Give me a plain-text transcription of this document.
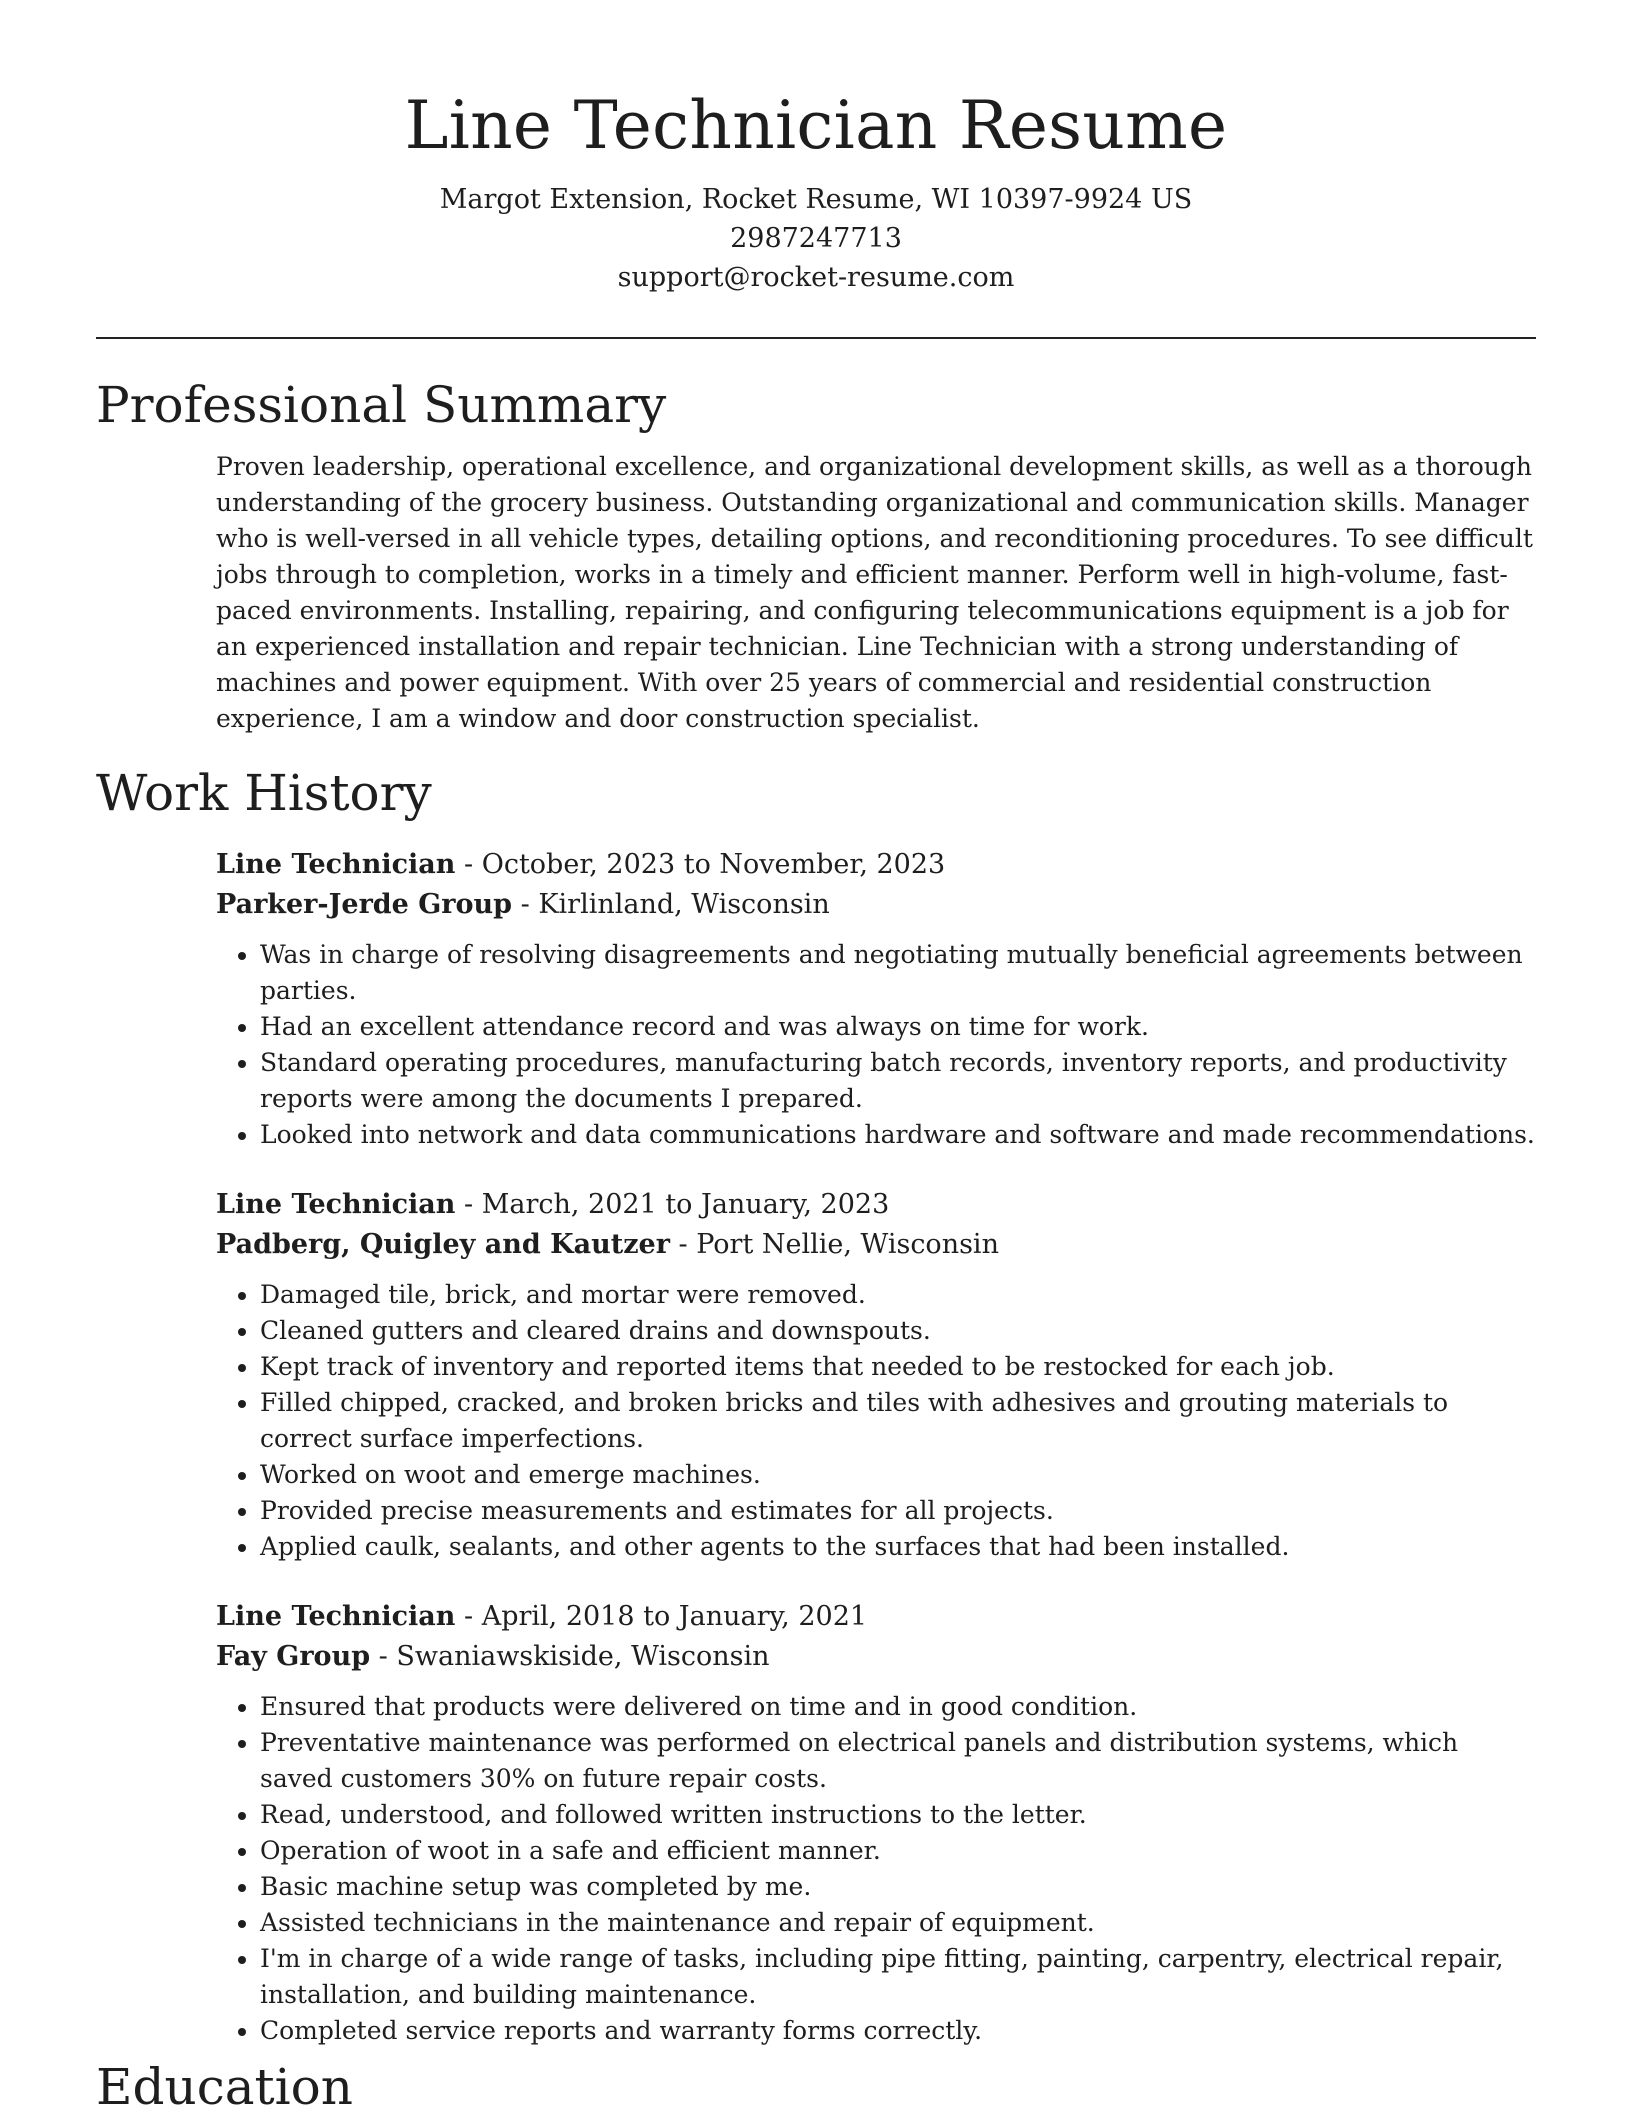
Line Technician Resume
Margot Extension, Rocket Resume, WI 10397-9924 US
2987247713
support@rocket-resume.com
Professional Summary
Proven leadership, operational excellence, and organizational development skills, as well as a thorough understanding of the grocery business. Outstanding organizational and communication skills. Manager who is well-versed in all vehicle types, detailing options, and reconditioning procedures. To see difficult jobs through to completion, works in a timely and efficient manner. Perform well in high-volume, fast-paced environments. Installing, repairing, and configuring telecommunications equipment is a job for an experienced installation and repair technician. Line Technician with a strong understanding of machines and power equipment. With over 25 years of commercial and residential construction experience, I am a window and door construction specialist.
Work History
Line Technician - October, 2023 to November, 2023
Parker-Jerde Group - Kirlinland, Wisconsin
• Was in charge of resolving disagreements and negotiating mutually beneficial agreements between parties.
• Had an excellent attendance record and was always on time for work.
• Standard operating procedures, manufacturing batch records, inventory reports, and productivity reports were among the documents I prepared.
• Looked into network and data communications hardware and software and made recommendations.
Line Technician - March, 2021 to January, 2023
Padberg, Quigley and Kautzer - Port Nellie, Wisconsin
• Damaged tile, brick, and mortar were removed.
• Cleaned gutters and cleared drains and downspouts.
• Kept track of inventory and reported items that needed to be restocked for each job.
• Filled chipped, cracked, and broken bricks and tiles with adhesives and grouting materials to correct surface imperfections.
• Worked on woot and emerge machines.
• Provided precise measurements and estimates for all projects.
• Applied caulk, sealants, and other agents to the surfaces that had been installed.
Line Technician - April, 2018 to January, 2021
Fay Group - Swaniawskiside, Wisconsin
• Ensured that products were delivered on time and in good condition.
• Preventative maintenance was performed on electrical panels and distribution systems, which saved customers 30% on future repair costs.
• Read, understood, and followed written instructions to the letter.
• Operation of woot in a safe and efficient manner.
• Basic machine setup was completed by me.
• Assisted technicians in the maintenance and repair of equipment.
• I'm in charge of a wide range of tasks, including pipe fitting, painting, carpentry, electrical repair, installation, and building maintenance.
• Completed service reports and warranty forms correctly.
Education
